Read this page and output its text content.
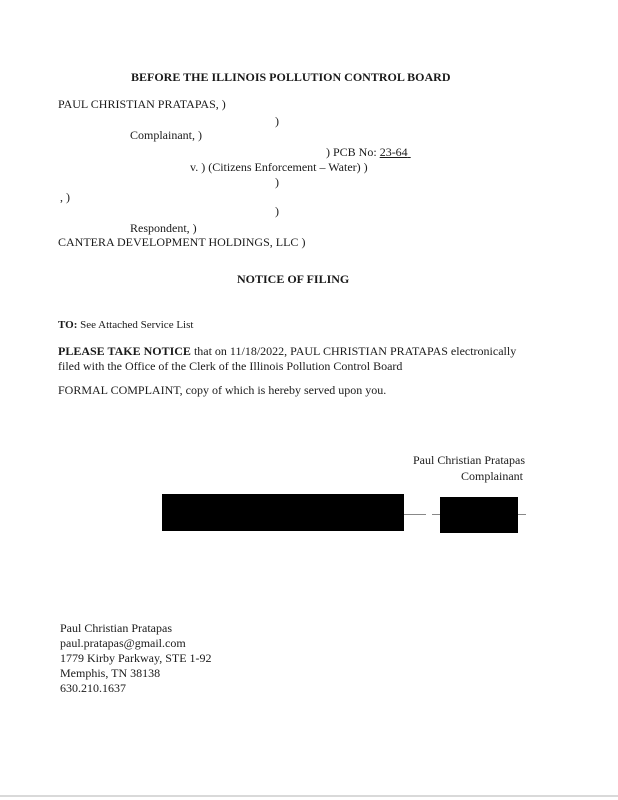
BEFORE THE ILLINOIS POLLUTION CONTROL BOARD
PAUL CHRISTIAN PRATAPAS, )
)
Complainant, )
) PCB No: 23-64
v. ) (Citizens Enforcement – Water) )
)
, )
)
Respondent, )
CANTERA DEVELOPMENT HOLDINGS, LLC )
NOTICE OF FILING
TO: See Attached Service List
PLEASE TAKE NOTICE that on 11/18/2022, PAUL CHRISTIAN PRATAPAS electronically
filed with the Office of the Clerk of the Illinois Pollution Control Board
FORMAL COMPLAINT, copy of which is hereby served upon you.
Paul Christian Pratapas
Complainant
Paul Christian Pratapas
paul.pratapas@gmail.com
1779 Kirby Parkway, STE 1-92
Memphis, TN 38138
630.210.1637
